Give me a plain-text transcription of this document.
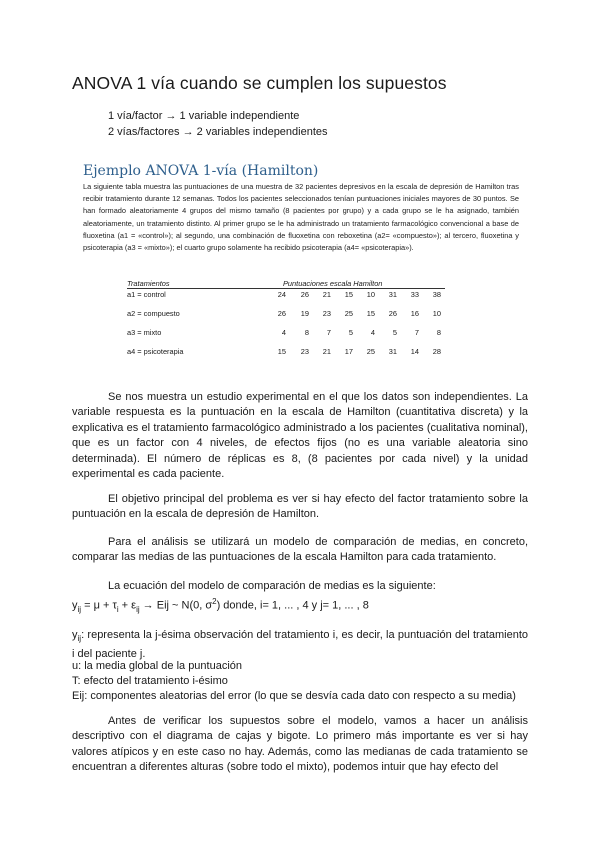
ANOVA 1 vía cuando se cumplen los supuestos
1 vía/factor → 1 variable independiente
2 vías/factores → 2 variables independientes
Ejemplo ANOVA 1-vía (Hamilton)
La siguiente tabla muestra las puntuaciones de una muestra de 32 pacientes depresivos en la escala de depresión de Hamilton tras recibir tratamiento durante 12 semanas. Todos los pacientes seleccionados tenían puntuaciones iniciales mayores de 30 puntos. Se han formado aleatoriamente 4 grupos del mismo tamaño (8 pacientes por grupo) y a cada grupo se le ha asignado, también aleatoriamente, un tratamiento distinto. Al primer grupo se le ha administrado un tratamiento farmacológico convencional a base de fluoxetina (a1 = «control»); al segundo, una combinación de fluoxetina con reboxetina (a2= «compuesto»); al tercero, fluoxetina y psicoterapia (a3 = «mixto»); el cuarto grupo solamente ha recibido psicoterapia (a4= «psicoterapia»).
Tratamientos	Puntuaciones escala Hamilton
a1 = control	24	26	21	15	10	31	33	38
a2 = compuesto	26	19	23	25	15	26	16	10
a3 = mixto	4	8	7	5	4	5	7	8
a4 = psicoterapia	15	23	21	17	25	31	14	28
Se nos muestra un estudio experimental en el que los datos son independientes. La variable respuesta es la puntuación en la escala de Hamilton (cuantitativa discreta) y la explicativa es el tratamiento farmacológico administrado a los pacientes (cualitativa nominal), que es un factor con 4 niveles, de efectos fijos (no es una variable aleatoria sino determinada). El número de réplicas es 8, (8 pacientes por cada nivel) y la unidad experimental es cada paciente.
El objetivo principal del problema es ver si hay efecto del factor tratamiento sobre la puntuación en la escala de depresión de Hamilton.
Para el análisis se utilizará un modelo de comparación de medias, en concreto, comparar las medias de las puntuaciones de la escala Hamilton para cada tratamiento.
La ecuación del modelo de comparación de medias es la siguiente:
$y_{ij} = \mu + \tau_i + \varepsilon_{ij}$ → Eij ~ N(0, $\sigma^2$) donde, i= 1, ... , 4 y j= 1, ... , 8
$y_{ij}$: representa la j-ésima observación del tratamiento i, es decir, la puntuación del tratamiento i del paciente j.
u: la media global de la puntuación
T: efecto del tratamiento i-ésimo
Eij: componentes aleatorias del error (lo que se desvía cada dato con respecto a su media)
Antes de verificar los supuestos sobre el modelo, vamos a hacer un análisis descriptivo con el diagrama de cajas y bigote. Lo primero más importante es ver si hay valores atípicos y en este caso no hay. Además, como las medianas de cada tratamiento se encuentran a diferentes alturas (sobre todo el mixto), podemos intuir que hay efecto del
